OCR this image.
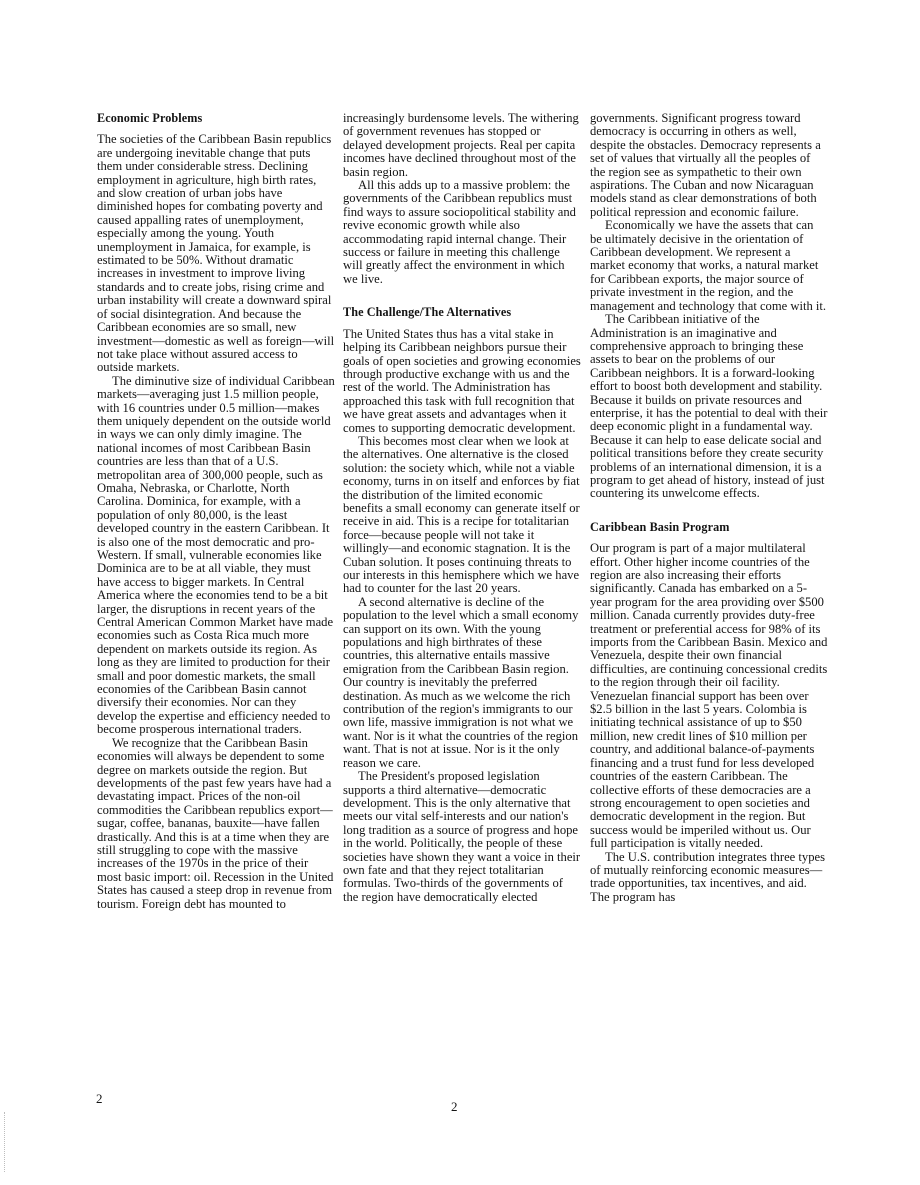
Economic Problems

The societies of the Caribbean Basin republics are undergoing inevitable change that puts them under considerable stress. Declining employment in agriculture, high birth rates, and slow creation of urban jobs have diminished hopes for combating poverty and caused appalling rates of unemployment, especially among the young. Youth unemployment in Jamaica, for example, is estimated to be 50%. Without dramatic increases in investment to improve living standards and to create jobs, rising crime and urban instability will create a downward spiral of social disintegration. And because the Caribbean economies are so small, new investment—domestic as well as foreign—will not take place without assured access to outside markets.

The diminutive size of individual Caribbean markets—averaging just 1.5 million people, with 16 countries under 0.5 million—makes them uniquely dependent on the outside world in ways we can only dimly imagine. The national incomes of most Caribbean Basin countries are less than that of a U.S. metropolitan area of 300,000 people, such as Omaha, Nebraska, or Charlotte, North Carolina. Dominica, for example, with a population of only 80,000, is the least developed country in the eastern Caribbean. It is also one of the most democratic and pro-Western. If small, vulnerable economies like Dominica are to be at all viable, they must have access to bigger markets. In Central America where the economies tend to be a bit larger, the disruptions in recent years of the Central American Common Market have made economies such as Costa Rica much more dependent on markets outside its region. As long as they are limited to production for their small and poor domestic markets, the small economies of the Caribbean Basin cannot diversify their economies. Nor can they develop the expertise and efficiency needed to become prosperous international traders.

We recognize that the Caribbean Basin economies will always be dependent to some degree on markets outside the region. But developments of the past few years have had a devastating impact. Prices of the non-oil commodities the Caribbean republics export—sugar, coffee, bananas, bauxite—have fallen drastically. And this is at a time when they are still struggling to cope with the massive increases of the 1970s in the price of their most basic import: oil. Recession in the United States has caused a steep drop in revenue from tourism. Foreign debt has mounted to

increasingly burdensome levels. The withering of government revenues has stopped or delayed development projects. Real per capita incomes have declined throughout most of the basin region.

All this adds up to a massive problem: the governments of the Caribbean republics must find ways to assure sociopolitical stability and revive economic growth while also accommodating rapid internal change. Their success or failure in meeting this challenge will greatly affect the environment in which we live.

The Challenge/The Alternatives

The United States thus has a vital stake in helping its Caribbean neighbors pursue their goals of open societies and growing economies through productive exchange with us and the rest of the world. The Administration has approached this task with full recognition that we have great assets and advantages when it comes to supporting democratic development.

This becomes most clear when we look at the alternatives. One alternative is the closed solution: the society which, while not a viable economy, turns in on itself and enforces by fiat the distribution of the limited economic benefits a small economy can generate itself or receive in aid. This is a recipe for totalitarian force—because people will not take it willingly—and economic stagnation. It is the Cuban solution. It poses continuing threats to our interests in this hemisphere which we have had to counter for the last 20 years.

A second alternative is decline of the population to the level which a small economy can support on its own. With the young populations and high birthrates of these countries, this alternative entails massive emigration from the Caribbean Basin region. Our country is inevitably the preferred destination. As much as we welcome the rich contribution of the region's immigrants to our own life, massive immigration is not what we want. Nor is it what the countries of the region want. That is not at issue. Nor is it the only reason we care.

The President's proposed legislation supports a third alternative—democratic development. This is the only alternative that meets our vital self-interests and our nation's long tradition as a source of progress and hope in the world. Politically, the people of these societies have shown they want a voice in their own fate and that they reject totalitarian formulas. Two-thirds of the governments of the region have democratically elected

governments. Significant progress toward democracy is occurring in others as well, despite the obstacles. Democracy represents a set of values that virtually all the peoples of the region see as sympathetic to their own aspirations. The Cuban and now Nicaraguan models stand as clear demonstrations of both political repression and economic failure.

Economically we have the assets that can be ultimately decisive in the orientation of Caribbean development. We represent a market economy that works, a natural market for Caribbean exports, the major source of private investment in the region, and the management and technology that come with it.

The Caribbean initiative of the Administration is an imaginative and comprehensive approach to bringing these assets to bear on the problems of our Caribbean neighbors. It is a forward-looking effort to boost both development and stability. Because it builds on private resources and enterprise, it has the potential to deal with their deep economic plight in a fundamental way. Because it can help to ease delicate social and political transitions before they create security problems of an international dimension, it is a program to get ahead of history, instead of just countering its unwelcome effects.

Caribbean Basin Program

Our program is part of a major multilateral effort. Other higher income countries of the region are also increasing their efforts significantly. Canada has embarked on a 5-year program for the area providing over $500 million. Canada currently provides duty-free treatment or preferential access for 98% of its imports from the Caribbean Basin. Mexico and Venezuela, despite their own financial difficulties, are continuing concessional credits to the region through their oil facility. Venezuelan financial support has been over $2.5 billion in the last 5 years. Colombia is initiating technical assistance of up to $50 million, new credit lines of $10 million per country, and additional balance-of-payments financing and a trust fund for less developed countries of the eastern Caribbean. The collective efforts of these democracies are a strong encouragement to open societies and democratic development in the region. But success would be imperiled without us. Our full participation is vitally needed.

The U.S. contribution integrates three types of mutually reinforcing economic measures—trade opportunities, tax incentives, and aid. The program has

2
2
